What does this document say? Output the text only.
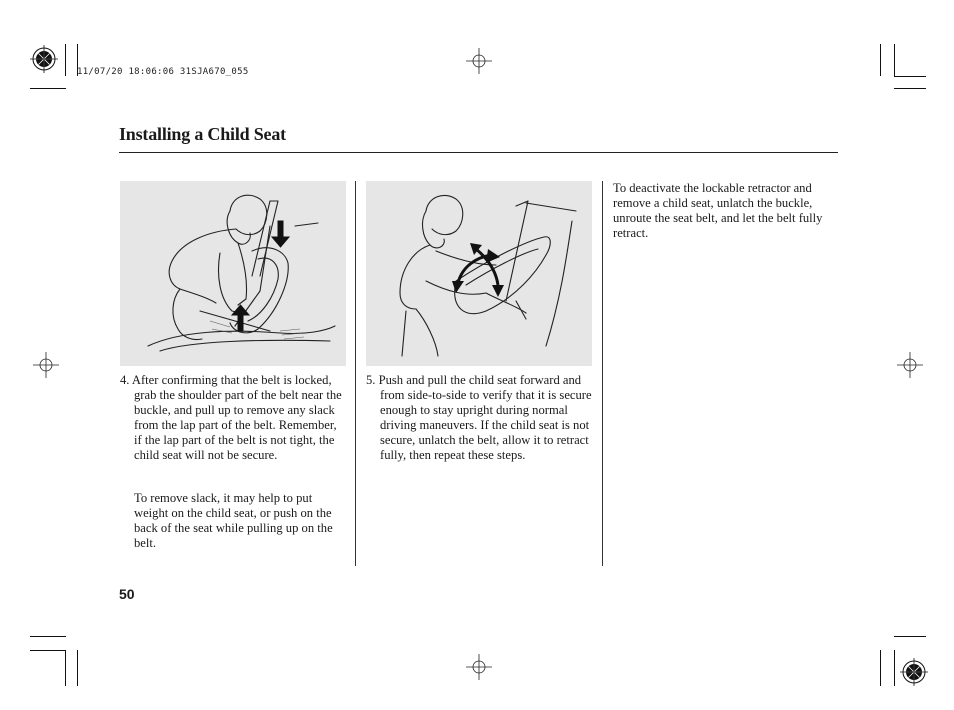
11/07/20 18:06:06 31SJA670_055
Installing a Child Seat
4. After confirming that the belt is locked, grab the shoulder part of the belt near the buckle, and pull up to remove any slack from the lap part of the belt. Remember, if the lap part of the belt is not tight, the child seat will not be secure.
To remove slack, it may help to put weight on the child seat, or push on the back of the seat while pulling up on the belt.
5. Push and pull the child seat forward and from side-to-side to verify that it is secure enough to stay upright during normal driving maneuvers. If the child seat is not secure, unlatch the belt, allow it to retract fully, then repeat these steps.
To deactivate the lockable retractor and remove a child seat, unlatch the buckle, unroute the seat belt, and let the belt fully retract.
50
